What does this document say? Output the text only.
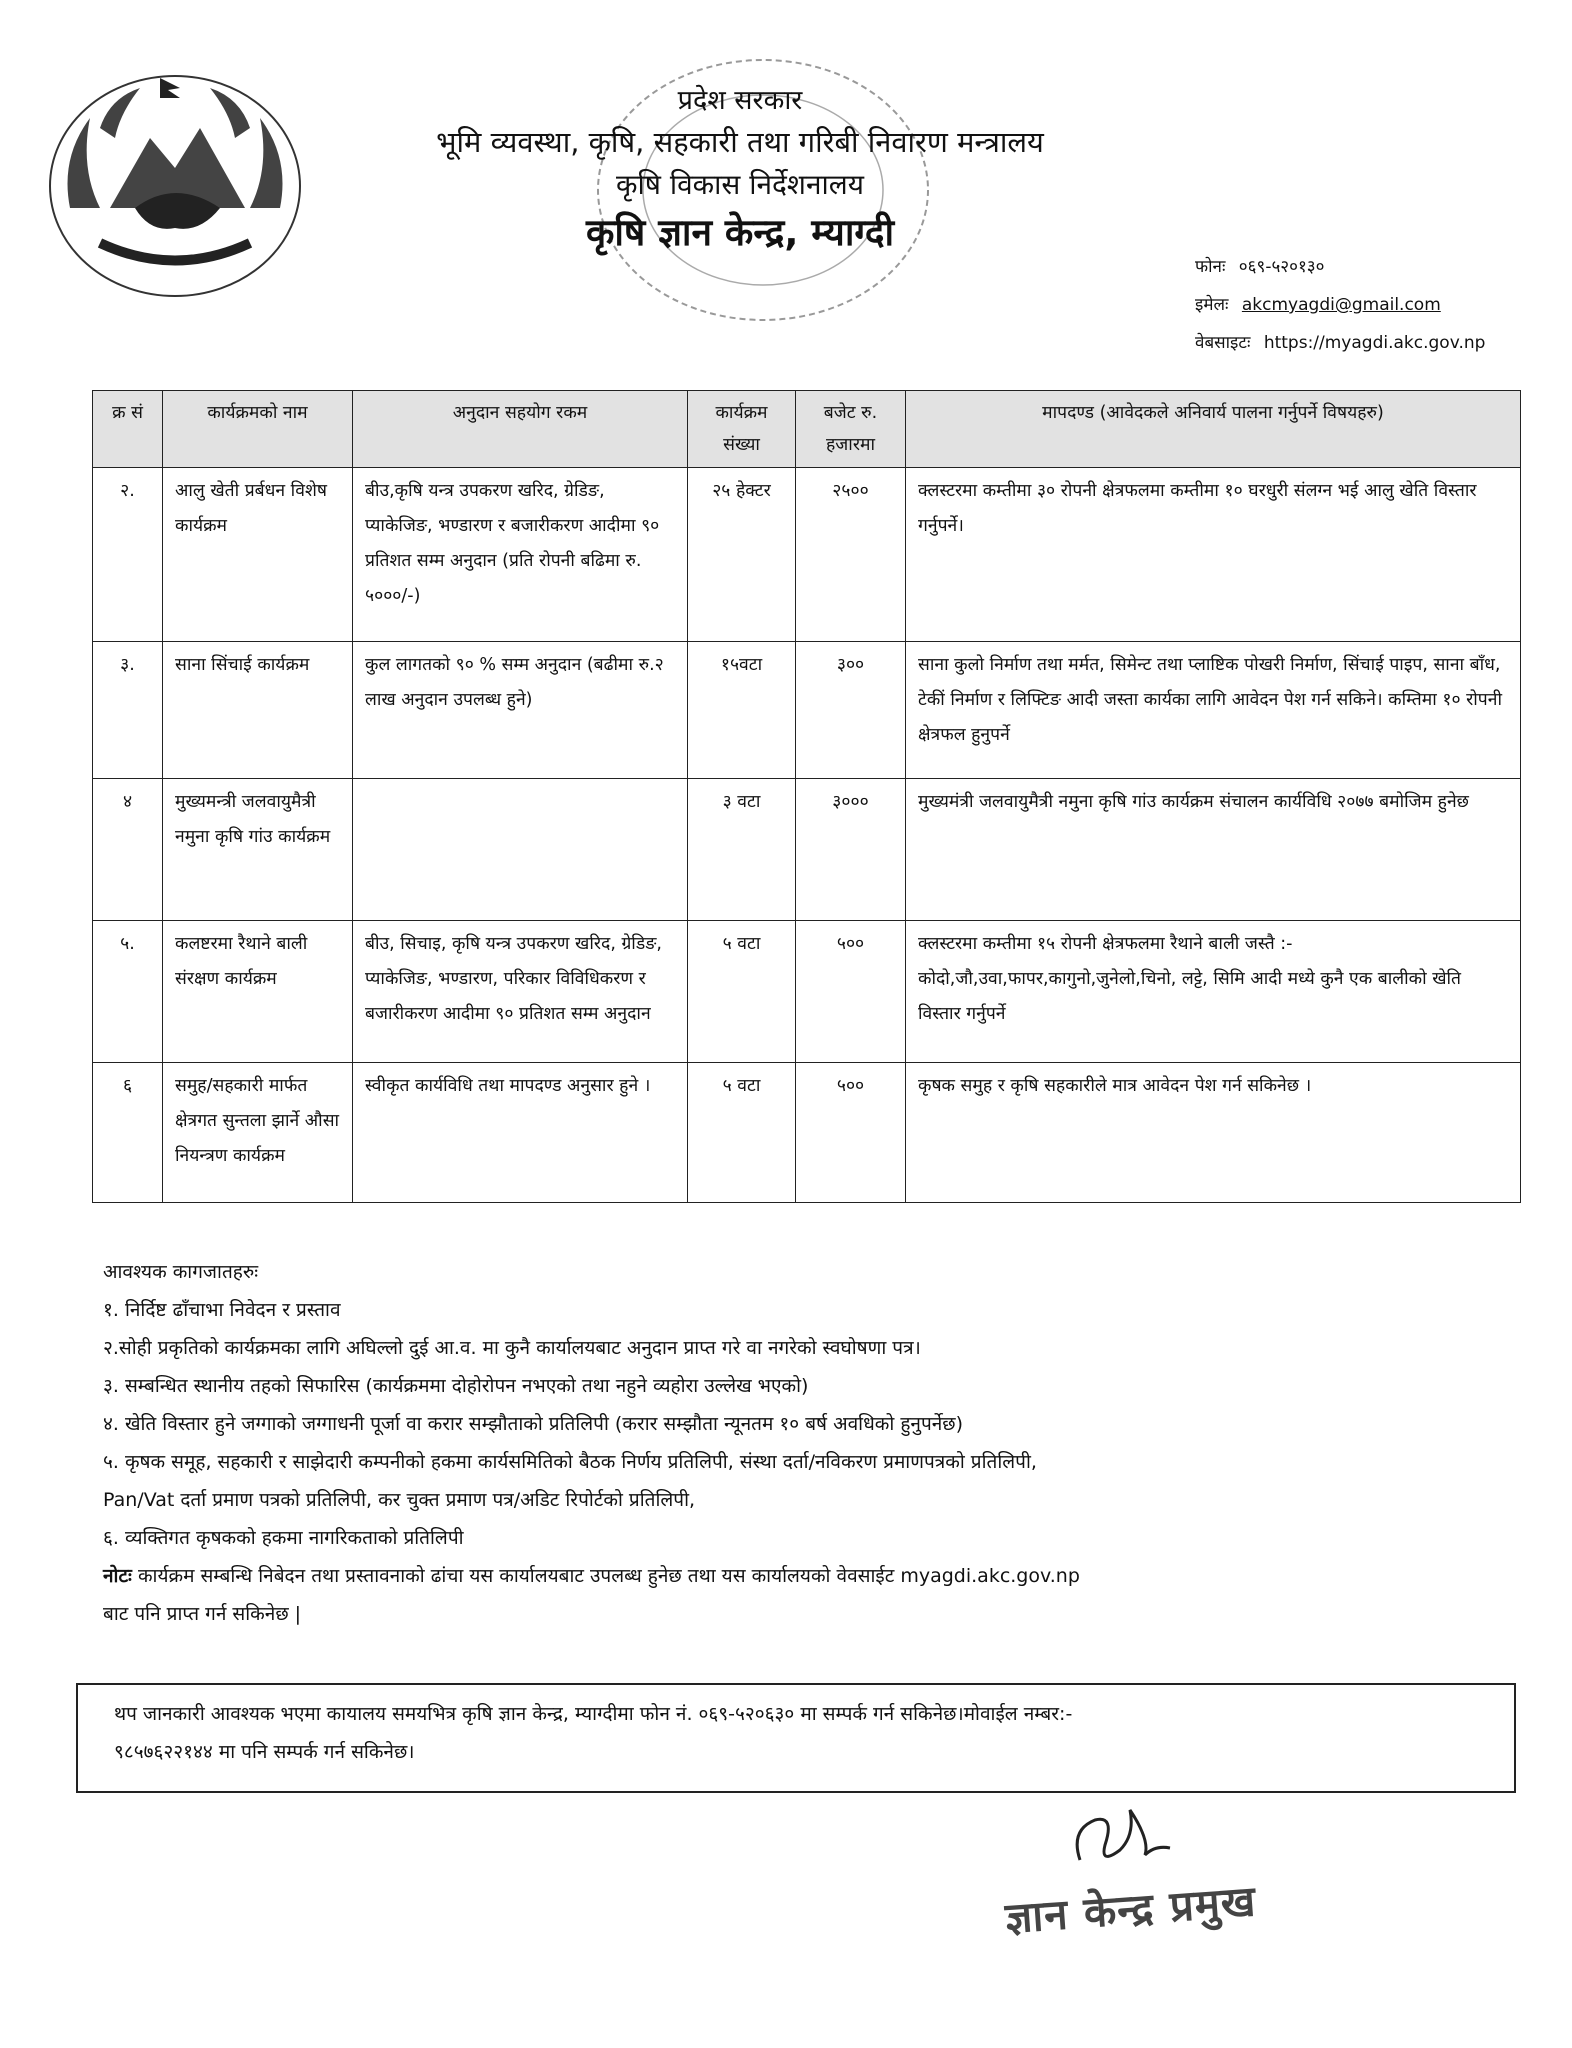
प्रदेश सरकार
भूमि व्यवस्था, कृषि, सहकारी तथा गरिबी निवारण मन्त्रालय
कृषि विकास निर्देशनालय
कृषि ज्ञान केन्द्र, म्याग्दी
फोनः ०६९-५२०१३०
इमेलः akcmyagdi@gmail.com
वेबसाइटः https://myagdi.akc.gov.np
क्र सं	कार्यक्रमको नाम	अनुदान सहयोग रकम	कार्यक्रम संख्या	बजेट रु. हजारमा	मापदण्ड (आवेदकले अनिवार्य पालना गर्नुपर्ने विषयहरु)
२.	आलु खेती प्रर्बधन विशेष कार्यक्रम	बीउ,कृषि यन्त्र उपकरण खरिद, ग्रेडिङ, प्याकेजिङ, भण्डारण र बजारीकरण आदीमा ९० प्रतिशत सम्म अनुदान (प्रति रोपनी बढिमा रु. ५०००/-)	२५ हेक्टर	२५००	क्लस्टरमा कम्तीमा ३० रोपनी क्षेत्रफलमा कम्तीमा १० घरधुरी संलग्न भई आलु खेति विस्तार गर्नुपर्ने।
३.	साना सिंचाई कार्यक्रम	कुल लागतको ९० % सम्म अनुदान (बढीमा रु.२ लाख अनुदान उपलब्ध हुने)	१५वटा	३००	साना कुलो निर्माण तथा मर्मत, सिमेन्ट तथा प्लाष्टिक पोखरी निर्माण, सिंचाई पाइप, साना बाँध, टेकीं निर्माण र लिफ्टिङ आदी जस्ता कार्यका लागि आवेदन पेश गर्न सकिने। कम्तिमा १० रोपनी क्षेत्रफल हुनुपर्ने
४	मुख्यमन्त्री जलवायुमैत्री नमुना कृषि गांउ कार्यक्रम		३ वटा	३०००	मुख्यमंत्री जलवायुमैत्री नमुना कृषि गांउ कार्यक्रम संचालन कार्यविधि २०७७ बमोजिम हुनेछ
५.	कलष्टरमा रैथाने बाली संरक्षण कार्यक्रम	बीउ, सिचाइ, कृषि यन्त्र उपकरण खरिद, ग्रेडिङ, प्याकेजिङ, भण्डारण, परिकार विविधिकरण र बजारीकरण आदीमा ९० प्रतिशत सम्म अनुदान	५ वटा	५००	क्लस्टरमा कम्तीमा १५ रोपनी क्षेत्रफलमा रैथाने बाली जस्तै :- कोदो,जौ,उवा,फापर,कागुनो,जुनेलो,चिनो, लट्टे, सिमि आदी मध्ये कुनै एक बालीको खेति विस्तार गर्नुपर्ने
६	समुह/सहकारी मार्फत क्षेत्रगत सुन्तला झार्ने औसा नियन्त्रण कार्यक्रम	स्वीकृत कार्यविधि तथा मापदण्ड अनुसार हुने ।	५ वटा	५००	कृषक समुह र कृषि सहकारीले मात्र आवेदन पेश गर्न सकिनेछ ।
आवश्यक कागजातहरुः
१. निर्दिष्ट ढाँचाभा निवेदन र प्रस्ताव
२.सोही प्रकृतिको कार्यक्रमका लागि अघिल्लो दुई आ.व. मा कुनै कार्यालयबाट अनुदान प्राप्त गरे वा नगरेको स्वघोषणा पत्र।
३. सम्बन्धित स्थानीय तहको सिफारिस (कार्यक्रममा दोहोरोपन नभएको तथा नहुने व्यहोरा उल्लेख भएको)
४. खेति विस्तार हुने जग्गाको जग्गाधनी पूर्जा वा करार सम्झौताको प्रतिलिपी (करार सम्झौता न्यूनतम १० बर्ष अवधिको हुनुपर्नेछ)
५. कृषक समूह, सहकारी र साझेदारी कम्पनीको हकमा कार्यसमितिको बैठक निर्णय प्रतिलिपी, संस्था दर्ता/नविकरण प्रमाणपत्रको प्रतिलिपी,
Pan/Vat दर्ता प्रमाण पत्रको प्रतिलिपी, कर चुक्त प्रमाण पत्र/अडिट रिपोर्टको प्रतिलिपी,
६. व्यक्तिगत कृषकको हकमा नागरिकताको प्रतिलिपी
नोटः कार्यक्रम सम्बन्धि निबेदन तथा प्रस्तावनाको ढांचा यस कार्यालयबाट उपलब्ध हुनेछ तथा यस कार्यालयको वेवसाईट myagdi.akc.gov.np
बाट पनि प्राप्त गर्न सकिनेछ |
थप जानकारी आवश्यक भएमा कायालय समयभित्र कृषि ज्ञान केन्द्र, म्याग्दीमा फोन नं. ०६९-५२०६३० मा सम्पर्क गर्न सकिनेछ।मोवाईल नम्बर:-
९८५७६२२१४४ मा पनि सम्पर्क गर्न सकिनेछ।
ज्ञान केन्द्र प्रमुख
